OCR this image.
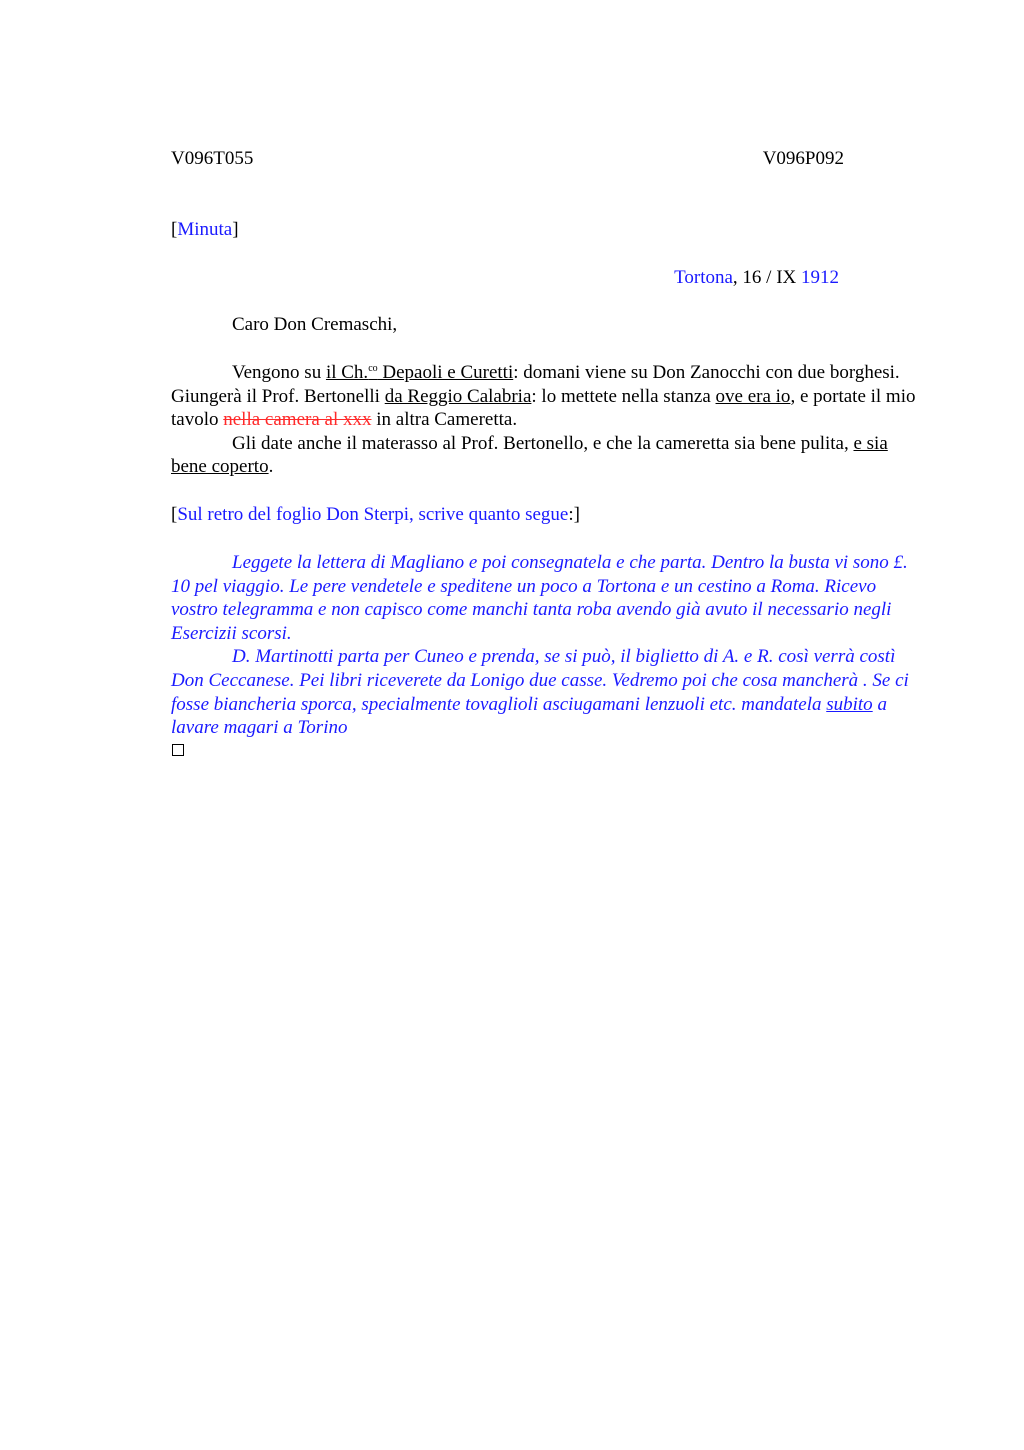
V096T055	V096P092
[Minuta]
Tortona, 16 / IX 1912
Caro Don Cremaschi,

Vengono su il Ch.$^{co}$ Depaoli e Curetti: domani viene su Don Zanocchi con due borghesi. Giungerà il Prof. Bertonelli da Reggio Calabria: lo mettete nella stanza ove era io, e portate il mio tavolo nella camera al xxx in altra Cameretta.

Gli date anche il materasso al Prof. Bertonello, e che la cameretta sia bene pulita, e sia bene coperto.

[Sul retro del foglio Don Sterpi, scrive quanto segue:]

Leggete la lettera di Magliano e poi consegnatela e che parta. Dentro la busta vi sono £. 10 pel viaggio. Le pere vendetele e speditene un poco a Tortona e un cestino a Roma. Ricevo vostro telegramma e non capisco come manchi tanta roba avendo già avuto il necessario negli Esercizii scorsi.

D. Martinotti parta per Cuneo e prenda, se si può, il biglietto di A. e R. così verrà costì Don Ceccanese. Pei libri riceverete da Lonigo due casse. Vedremo poi che cosa mancherà . Se ci fosse biancheria sporca, specialmente tovaglioli asciugamani lenzuoli etc. mandatela subito a lavare magari a Torino
